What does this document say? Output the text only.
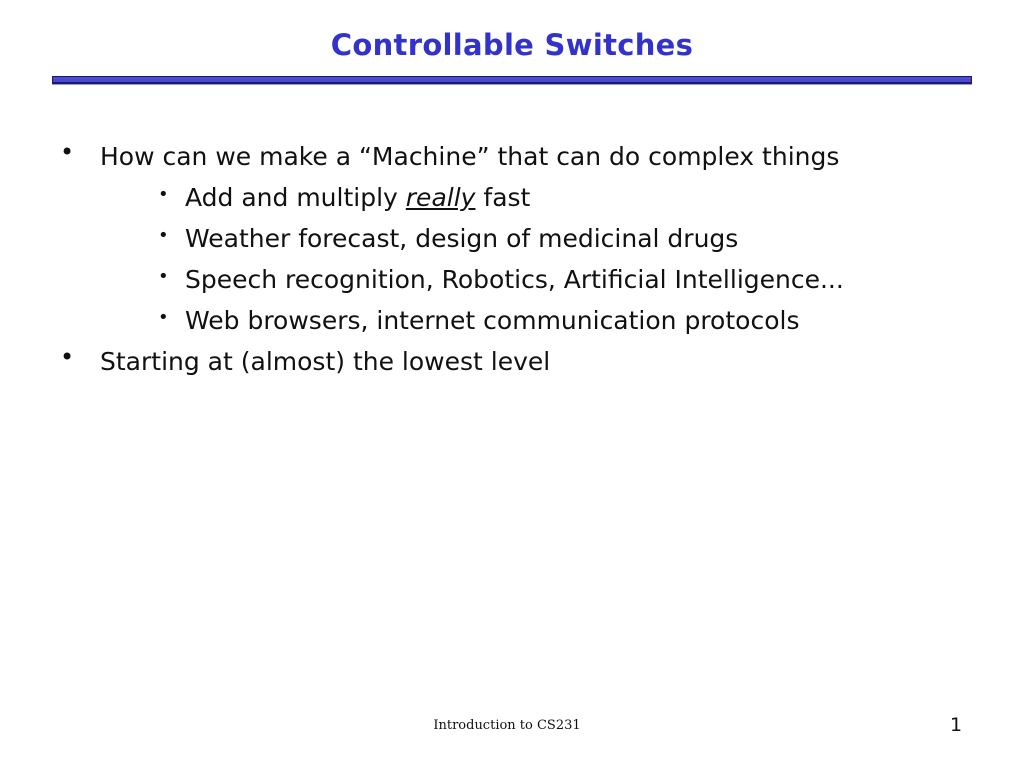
Controllable Switches
• How can we make a “Machine” that can do complex things
• Add and multiply really fast
• Weather forecast, design of medicinal drugs
• Speech recognition, Robotics, Artificial Intelligence...
• Web browsers, internet communication protocols
• Starting at (almost) the lowest level
Introduction to CS231	1
